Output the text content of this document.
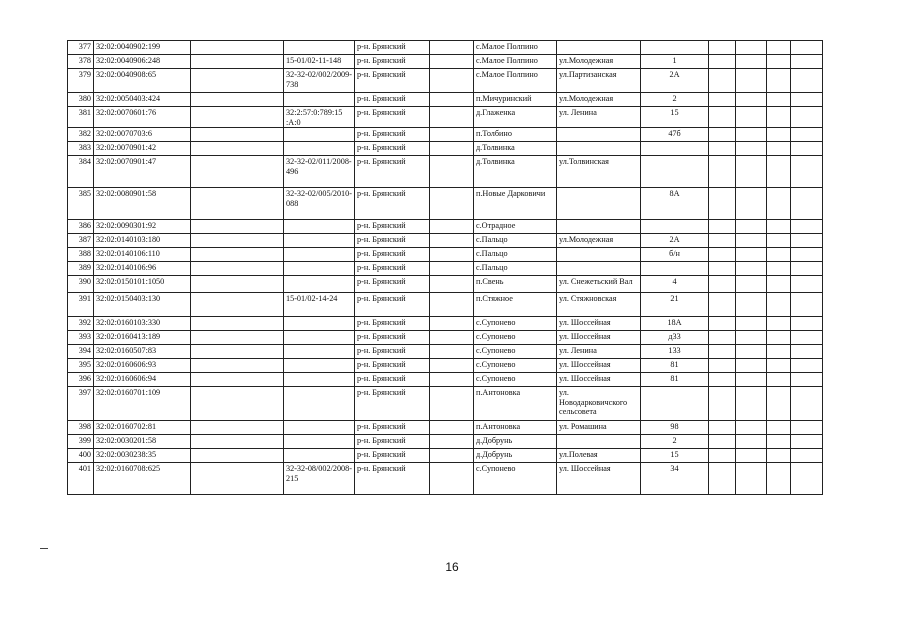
377	32:02:0040902:199			р-н. Брянский		с.Малое Полпино						
378	32:02:0040906:248		15-01/02-11-148	р-н. Брянский		с.Малое Полпино	ул.Молодежная	1				
379	32:02:0040908:65		32-32-02/002/2009-738	р-н. Брянский		с.Малое Полпино	ул.Партизанская	2А				
380	32:02:0050403:424			р-н. Брянский		п.Мичуринский	ул.Молодежная	2				
381	32:02:0070601:76		32:2:57:0:789:15 :А:0	р-н. Брянский		д.Глаженка	ул. Ленина	15				
382	32:02:0070703:6			р-н. Брянский		п.Толбино		47б				
383	32:02:0070901:42			р-н. Брянский		д.Толвинка						
384	32:02:0070901:47		32-32-02/011/2008-496	р-н. Брянский		д.Толвинка	ул.Толвинская					
385	32:02:0080901:58		32-32-02/005/2010-088	р-н. Брянский		п.Новые Дарковичи		8А				
386	32:02:0090301:92			р-н. Брянский		с.Отрадное						
387	32:02:0140103:180			р-н. Брянский		с.Пальцо	ул.Молодежная	2А				
388	32:02:0140106:110			р-н. Брянский		с.Пальцо		б/н				
389	32:02:0140106:96			р-н. Брянский		с.Пальцо						
390	32:02:0150101:1050			р-н. Брянский		п.Свень	ул. Снежетьский Вал	4				
391	32:02:0150403:130		15-01/02-14-24	р-н. Брянский		п.Стяжное	ул. Стяжновская	21				
392	32:02:0160103:330			р-н. Брянский		с.Супонево	ул. Шоссейная	18А				
393	32:02:0160413:189			р-н. Брянский		с.Супонево	ул. Шоссейная	д33				
394	32:02:0160507:83			р-н. Брянский		с.Супонево	ул. Ленина	133				
395	32:02:0160606:93			р-н. Брянский		с.Супонево	ул. Шоссейная	81				
396	32:02:0160606:94			р-н. Брянский		с.Супонево	ул. Шоссейная	81				
397	32:02:0160701:109			р-н. Брянский		п.Антоновка	ул. Новодарковичского сельсовета					
398	32:02:0160702:81			р-н. Брянский		п.Антоновка	ул. Ромашина	98				
399	32:02:0030201:58			р-н. Брянский		д.Добрунь		2				
400	32:02:0030238:35			р-н. Брянский		д.Добрунь	ул.Полевая	15				
401	32:02:0160708:625		32-32-08/002/2008-215	р-н. Брянский		с.Супонево	ул. Шоссейная	34				
16
